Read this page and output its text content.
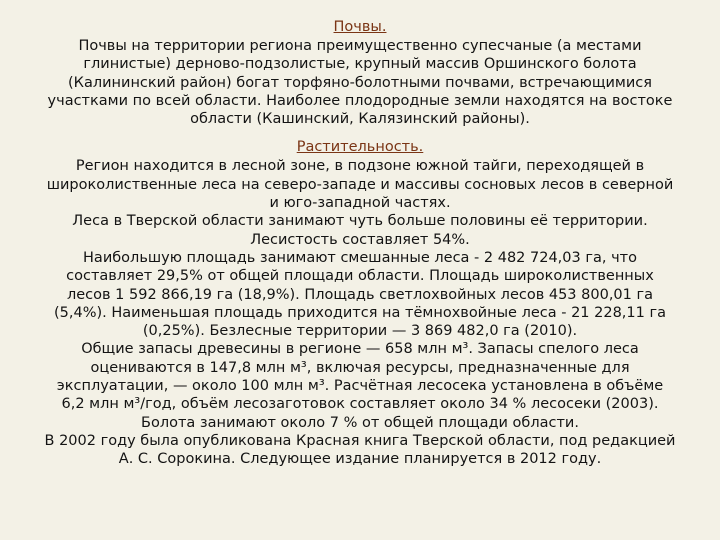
Почвы.

Почвы на территории региона преимущественно супесчаные (а местами

глинистые) дерново-подзолистые, крупный массив Оршинского болота

(Калининский район) богат торфяно-болотными почвами, встречающимися

участками по всей области. Наиболее плодородные земли находятся на востоке

области (Кашинский, Калязинский районы).

Растительность.

Регион находится в лесной зоне, в подзоне южной тайги, переходящей в

широколиственные леса на северо-западе и массивы сосновых лесов в северной

и юго-западной частях.

Леса в Тверской области занимают чуть больше половины её территории.

Лесистость составляет 54%.

Наибольшую площадь занимают смешанные леса - 2 482 724,03 га, что

составляет 29,5% от общей площади области. Площадь широколиственных

лесов 1 592 866,19 га (18,9%). Площадь светлохвойных лесов 453 800,01 га

(5,4%). Наименьшая площадь приходится на тёмнохвойные леса - 21 228,11 га

(0,25%). Безлесные территории — 3 869 482,0 га (2010).

Общие запасы древесины в регионе — 658 млн м³. Запасы спелого леса

оцениваются в 147,8 млн м³, включая ресурсы, предназначенные для

эксплуатации, — около 100 млн м³. Расчётная лесосека установлена в объёме

6,2 млн м³/год, объём лесозаготовок составляет около 34 % лесосеки (2003).

Болота занимают около 7 % от общей площади области.

В 2002 году была опубликована Красная книга Тверской области, под редакцией

А. С. Сорокина. Следующее издание планируется в 2012 году.
